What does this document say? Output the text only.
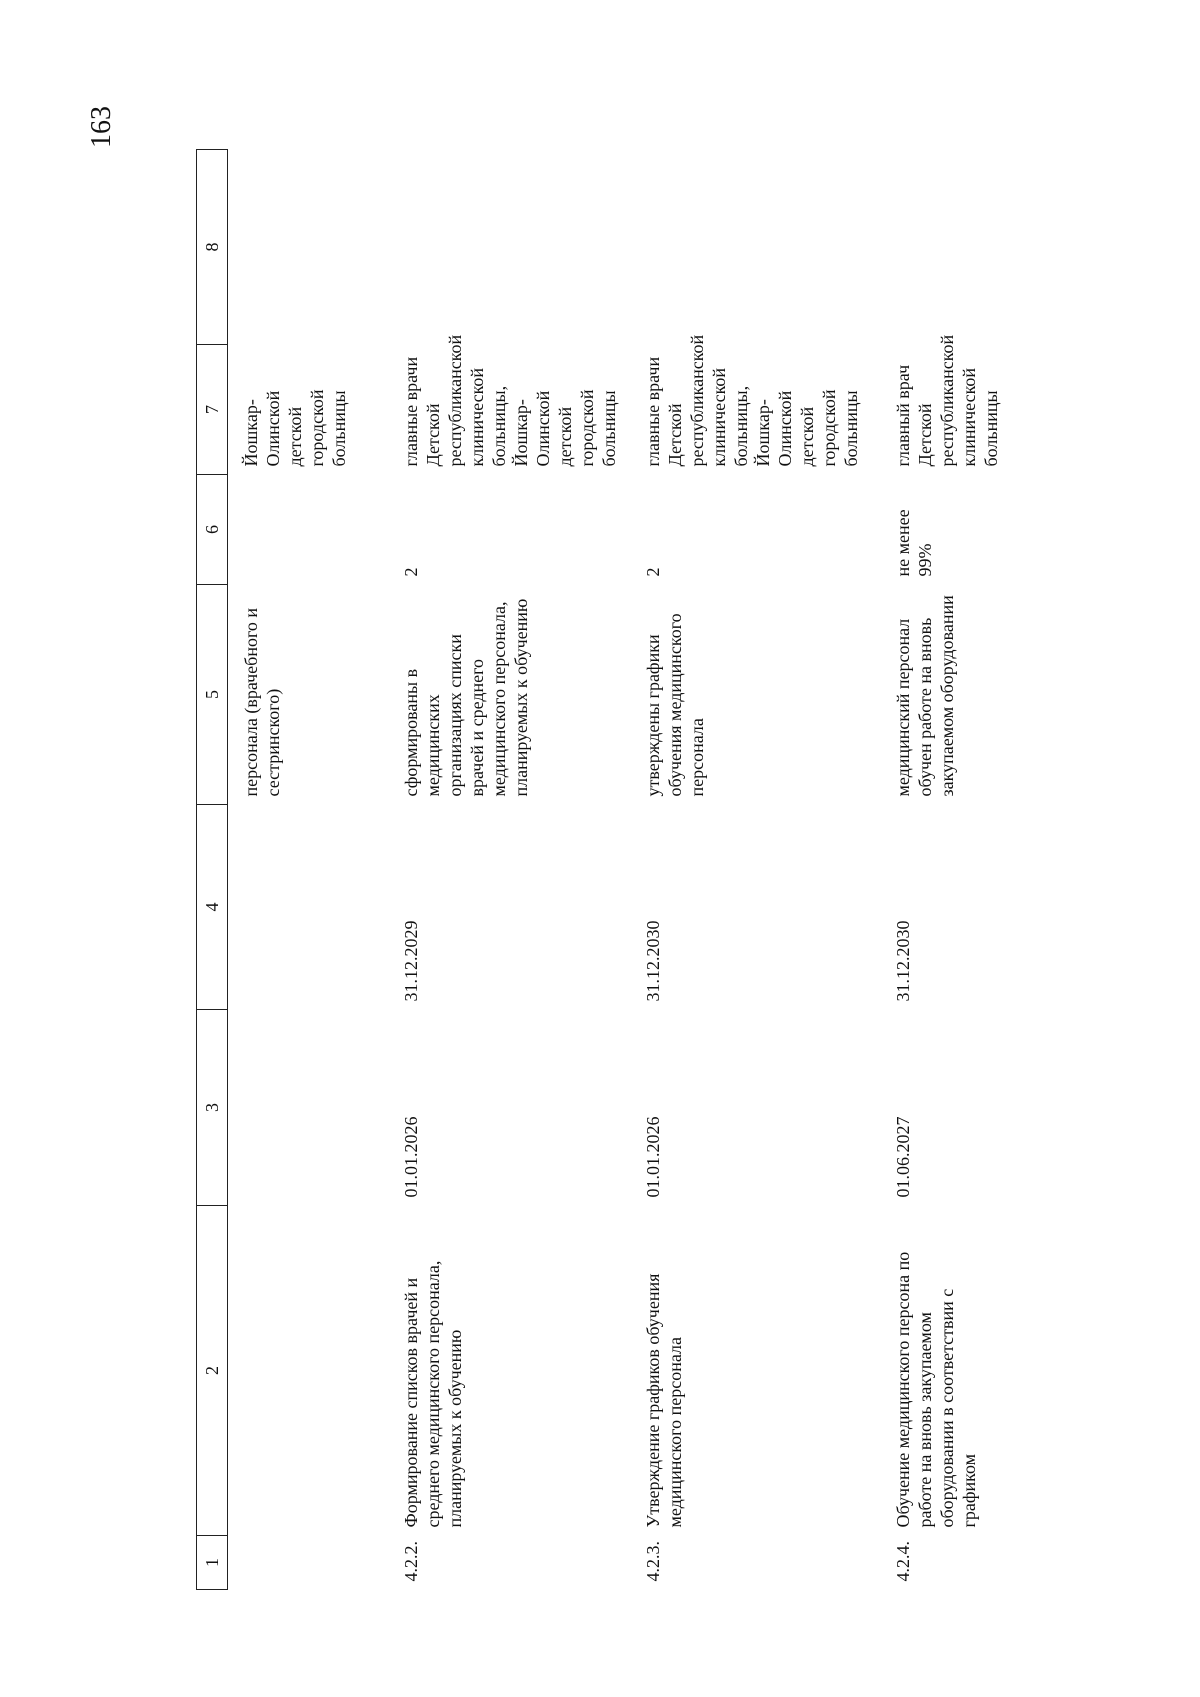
163
1	2	3	4	5	6	7	8
				персонала (врачебного и сестринского)		Йошкар-Олинской детской городской больницы	
4.2.2.	Формирование списков врачей и среднего медицинского персонала, планируемых к обучению	01.01.2026	31.12.2029	сформированы в медицинских организациях списки врачей и среднего медицинского персонала, планируемых к обучению	2	главные врачи Детской республиканской клинической больницы, Йошкар-Олинской детской городской больницы	
4.2.3.	Утверждение графиков обучения медицинского персонала	01.01.2026	31.12.2030	утверждены графики обучения медицинского персонала	2	главные врачи Детской республиканской клинической больницы, Йошкар-Олинской детской городской больницы	
4.2.4.	Обучение медицинского персона по работе на вновь закупаемом оборудовании в соответствии с графиком	01.06.2027	31.12.2030	медицинский персонал обучен работе на вновь закупаемом оборудовании	не менее 99%	главный врач Детской республиканской клинической больницы	
